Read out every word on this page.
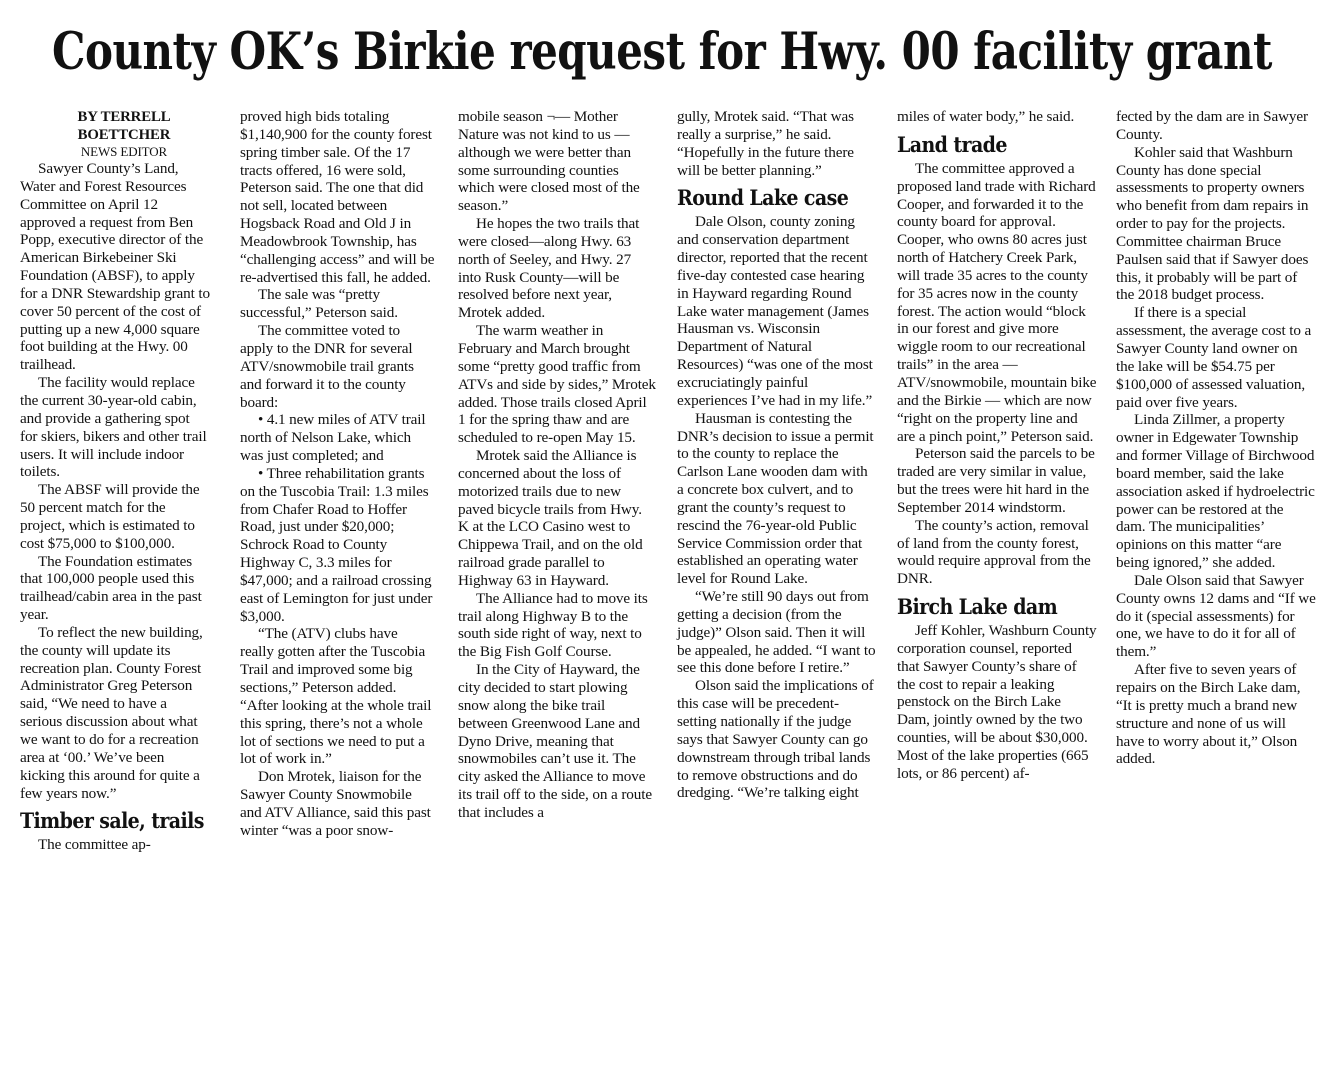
County OK’s Birkie request for Hwy. 00 facility grant

BY TERRELL

BOETTCHER

NEWS EDITOR

Sawyer County’s Land, Water and Forest Resources Committee on April 12 approved a request from Ben Popp, executive director of the American Birkebeiner Ski Foundation (ABSF), to apply for a DNR Stewardship grant to cover 50 percent of the cost of putting up a new 4,000 square foot building at the Hwy. 00 trailhead.

The facility would replace the current 30-year-old cabin, and provide a gathering spot for skiers, bikers and other trail users. It will include indoor toilets.

The ABSF will provide the 50 percent match for the project, which is estimated to cost $75,000 to $100,000.

The Foundation estimates that 100,000 people used this trailhead/cabin area in the past year.

To reflect the new building, the county will update its recreation plan. County Forest Administrator Greg Peterson said, “We need to have a serious discussion about what we want to do for a recreation area at ‘00.’ We’ve been kicking this around for quite a few years now.”

Timber sale, trails

The committee ap-

proved high bids totaling $1,140,900 for the county forest spring timber sale. Of the 17 tracts offered, 16 were sold, Peterson said. The one that did not sell, located between Hogsback Road and Old J in Meadowbrook Township, has “challenging access” and will be re-advertised this fall, he added.

The sale was “pretty successful,” Peterson said.

The committee voted to apply to the DNR for several ATV/snowmobile trail grants and forward it to the county board:

• 4.1 new miles of ATV trail north of Nelson Lake, which was just completed; and

• Three rehabilitation grants on the Tuscobia Trail: 1.3 miles from Chafer Road to Hoffer Road, just under $20,000; Schrock Road to County Highway C, 3.3 miles for $47,000; and a railroad crossing east of Lemington for just under $3,000.

“The (ATV) clubs have really gotten after the Tuscobia Trail and improved some big sections,” Peterson added. “After looking at the whole trail this spring, there’s not a whole lot of sections we need to put a lot of work in.”

Don Mrotek, liaison for the Sawyer County Snowmobile and ATV Alliance, said this past winter “was a poor snow-

mobile season ¬— Mother Nature was not kind to us — although we were better than some surrounding counties which were closed most of the season.”

He hopes the two trails that were closed—along Hwy. 63 north of Seeley, and Hwy. 27 into Rusk County—will be resolved before next year, Mrotek added.

The warm weather in February and March brought some “pretty good traffic from ATVs and side by sides,” Mrotek added. Those trails closed April 1 for the spring thaw and are scheduled to re-open May 15.

Mrotek said the Alliance is concerned about the loss of motorized trails due to new paved bicycle trails from Hwy. K at the LCO Casino west to Chippewa Trail, and on the old railroad grade parallel to Highway 63 in Hayward.

The Alliance had to move its trail along Highway B to the south side right of way, next to the Big Fish Golf Course.

In the City of Hayward, the city decided to start plowing snow along the bike trail between Greenwood Lane and Dyno Drive, meaning that snowmobiles can’t use it. The city asked the Alliance to move its trail off to the side, on a route that includes a

gully, Mrotek said. “That was really a surprise,” he said. “Hopefully in the future there will be better planning.”

Round Lake case

Dale Olson, county zoning and conservation department director, reported that the recent five-day contested case hearing in Hayward regarding Round Lake water management (James Hausman vs. Wisconsin Department of Natural Resources) “was one of the most excruciatingly painful experiences I’ve had in my life.”

Hausman is contesting the DNR’s decision to issue a permit to the county to replace the Carlson Lane wooden dam with a concrete box culvert, and to grant the county’s request to rescind the 76-year-old Public Service Commission order that established an operating water level for Round Lake.

“We’re still 90 days out from getting a decision (from the judge)” Olson said. Then it will be appealed, he added. “I want to see this done before I retire.”

Olson said the implications of this case will be precedent-setting nationally if the judge says that Sawyer County can go downstream through tribal lands to remove obstructions and do dredging. “We’re talking eight

miles of water body,” he said.

Land trade

The committee approved a proposed land trade with Richard Cooper, and forwarded it to the county board for approval. Cooper, who owns 80 acres just north of Hatchery Creek Park, will trade 35 acres to the county for 35 acres now in the county forest. The action would “block in our forest and give more wiggle room to our recreational trails” in the area — ATV/snowmobile, mountain bike and the Birkie — which are now “right on the property line and are a pinch point,” Peterson said.

Peterson said the parcels to be traded are very similar in value, but the trees were hit hard in the September 2014 windstorm.

The county’s action, removal of land from the county forest, would require approval from the DNR.

Birch Lake dam

Jeff Kohler, Washburn County corporation counsel, reported that Sawyer County’s share of the cost to repair a leaking penstock on the Birch Lake Dam, jointly owned by the two counties, will be about $30,000. Most of the lake properties (665 lots, or 86 percent) af-

fected by the dam are in Sawyer County.

Kohler said that Washburn County has done special assessments to property owners who benefit from dam repairs in order to pay for the projects. Committee chairman Bruce Paulsen said that if Sawyer does this, it probably will be part of the 2018 budget process.

If there is a special assessment, the average cost to a Sawyer County land owner on the lake will be $54.75 per $100,000 of assessed valuation, paid over five years.

Linda Zillmer, a property owner in Edgewater Township and former Village of Birchwood board member, said the lake association asked if hydroelectric power can be restored at the dam. The municipalities’ opinions on this matter “are being ignored,” she added.

Dale Olson said that Sawyer County owns 12 dams and “If we do it (special assessments) for one, we have to do it for all of them.”

After five to seven years of repairs on the Birch Lake dam, “It is pretty much a brand new structure and none of us will have to worry about it,” Olson added.
